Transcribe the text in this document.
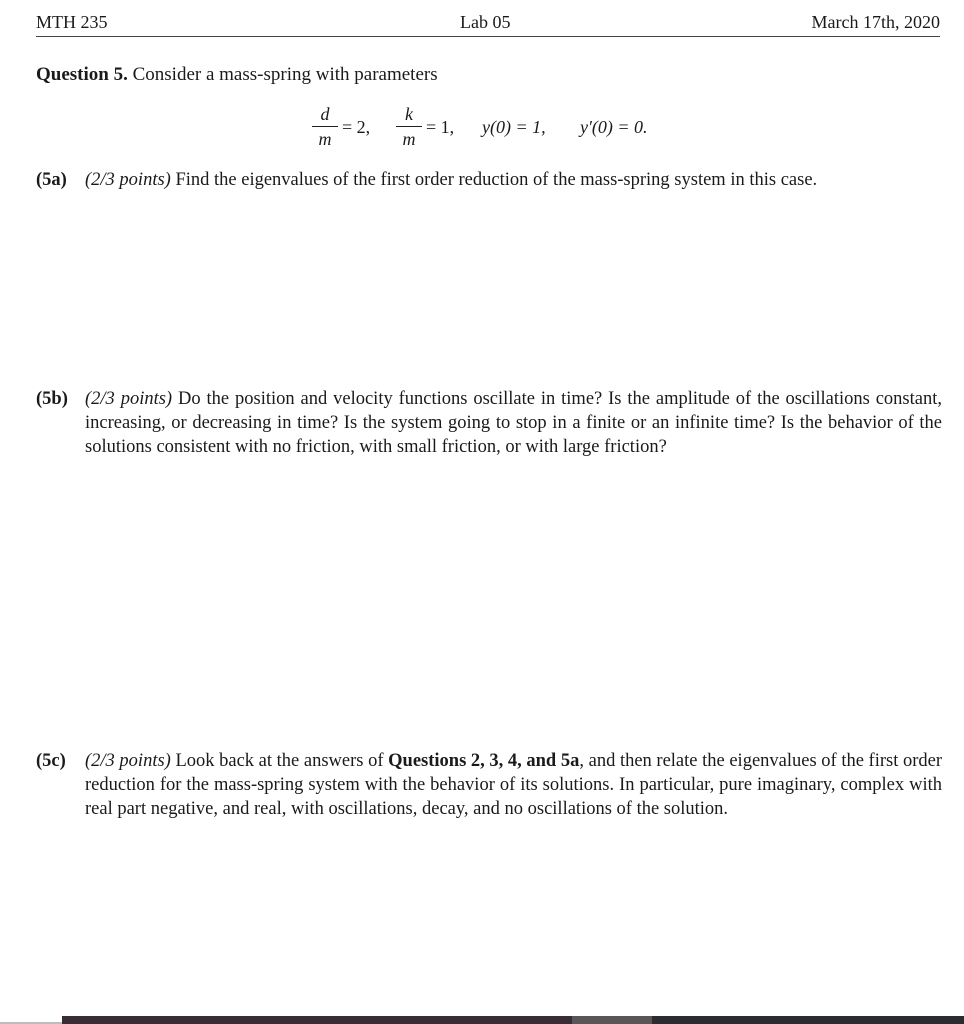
MTH 235	Lab 05	March 17th, 2020
Question 5. Consider a mass-spring with parameters
d
m
= 2,
k
m
= 1, y(0) = 1, y′(0) = 0.
(5a) (2/3 points) Find the eigenvalues of the first order reduction of the mass-spring system in this case.
(5b) (2/3 points) Do the position and velocity functions oscillate in time? Is the amplitude of the oscillations constant, increasing, or decreasing in time? Is the system going to stop in a finite or an infinite time? Is the behavior of the solutions consistent with no friction, with small friction, or with large friction?
(5c) (2/3 points) Look back at the answers of Questions 2, 3, 4, and 5a, and then relate the eigenvalues of the first order reduction for the mass-spring system with the behavior of its solutions. In particular, pure imaginary, complex with real part negative, and real, with oscillations, decay, and no oscillations of the solution.
